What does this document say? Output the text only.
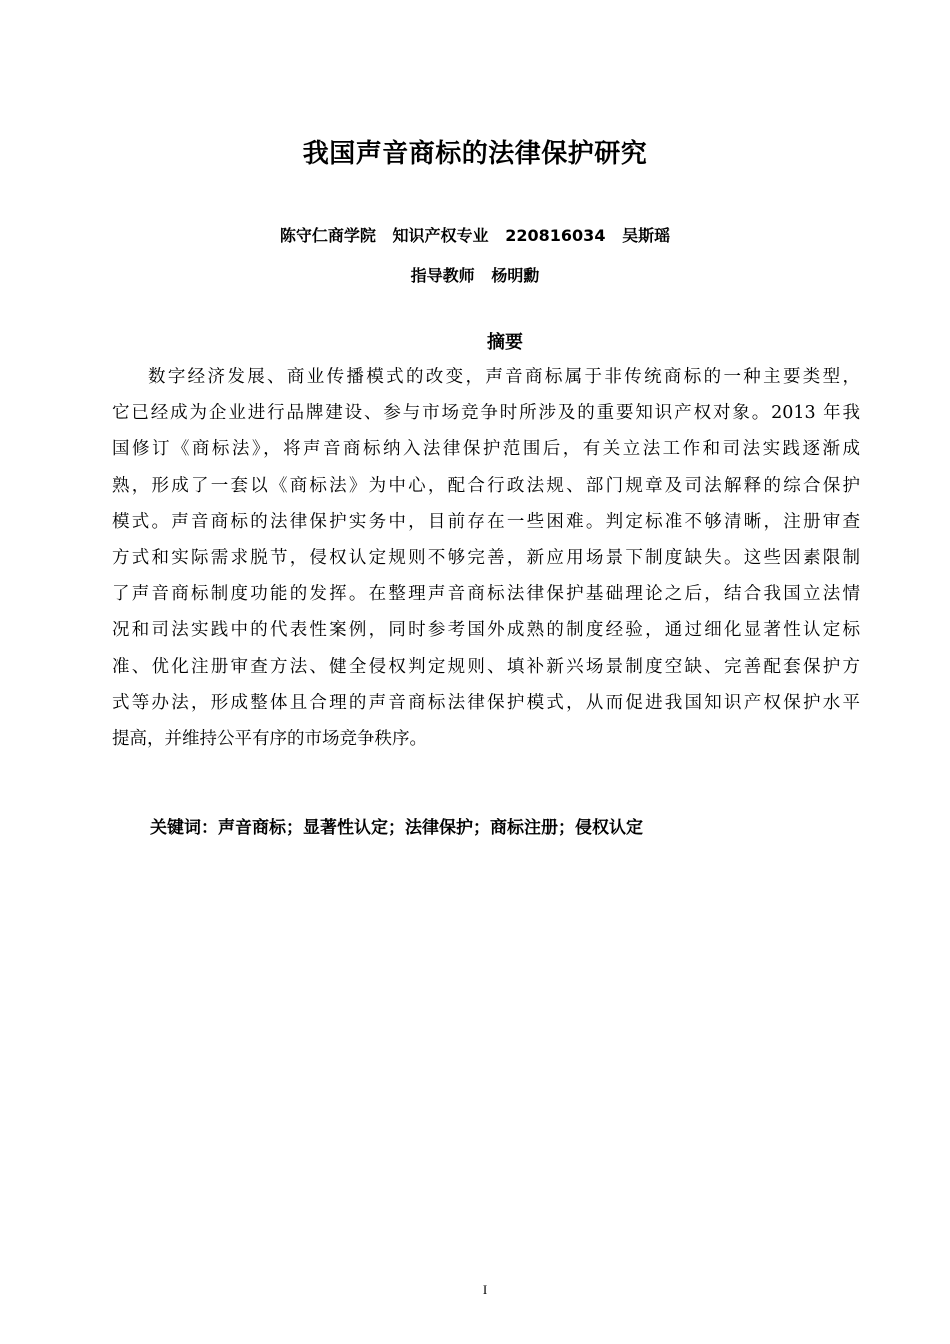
我国声音商标的法律保护研究
陈守仁商学院   知识产权专业   220816034   吴斯瑶
指导教师   杨明勳
摘要
数字经济发展、商业传播模式的改变，声音商标属于非传统商标的一种主要类型，
它已经成为企业进行品牌建设、参与市场竞争时所涉及的重要知识产权对象。2013 年我
国修订《商标法》，将声音商标纳入法律保护范围后，有关立法工作和司法实践逐渐成
熟，形成了一套以《商标法》为中心，配合行政法规、部门规章及司法解释的综合保护
模式。声音商标的法律保护实务中，目前存在一些困难。判定标准不够清晰，注册审查
方式和实际需求脱节，侵权认定规则不够完善，新应用场景下制度缺失。这些因素限制
了声音商标制度功能的发挥。在整理声音商标法律保护基础理论之后，结合我国立法情
况和司法实践中的代表性案例，同时参考国外成熟的制度经验，通过细化显著性认定标
准、优化注册审查方法、健全侵权判定规则、填补新兴场景制度空缺、完善配套保护方
式等办法，形成整体且合理的声音商标法律保护模式，从而促进我国知识产权保护水平
提高，并维持公平有序的市场竞争秩序。
关键词：声音商标；显著性认定；法律保护；商标注册；侵权认定
I
